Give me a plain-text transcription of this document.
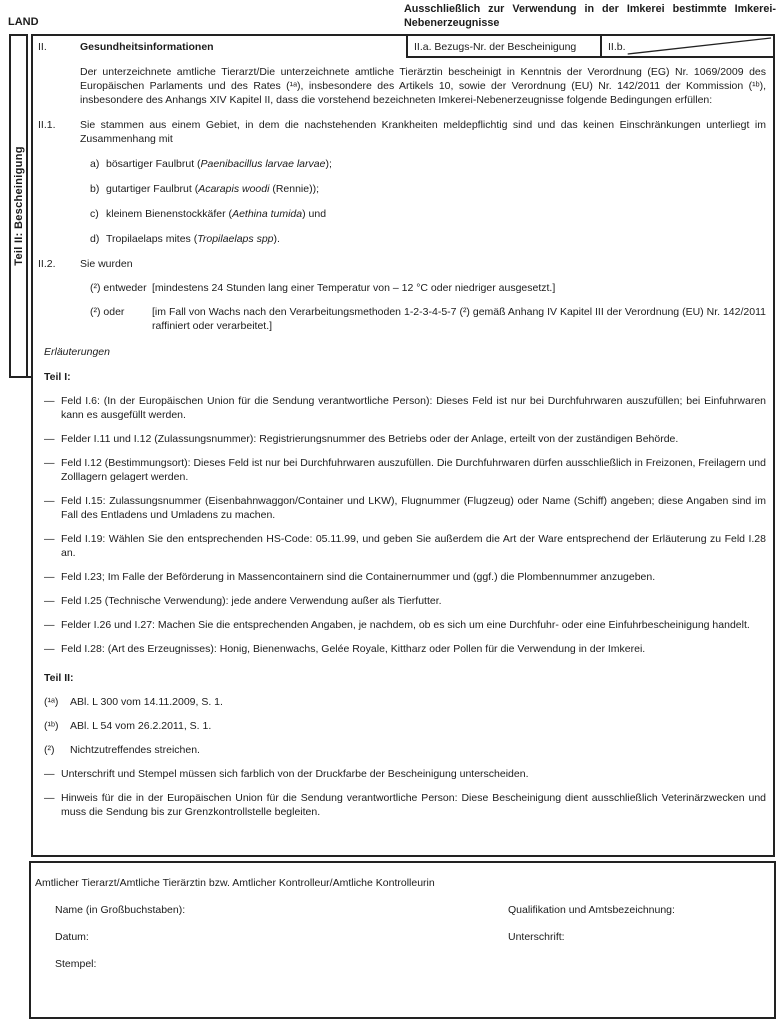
LAND
Ausschließlich zur Verwendung in der Imkerei bestimmte Imkerei-
Nebenerzeugnisse
Teil II: Bescheinigung
II.	Gesundheitsinformationen	II.a. Bezugs-Nr. der Bescheinigung	II.b.
Der unterzeichnete amtliche Tierarzt/Die unterzeichnete amtliche Tierärztin bescheinigt in Kenntnis der Verordnung (EG) Nr. 1069/2009 des Europäischen Parlaments und des Rates (¹ᵃ), insbesondere des Artikels 10, sowie der Verordnung (EU) Nr. 142/2011 der Kommission (¹ᵇ), insbesondere des Anhangs XIV Kapitel II, dass die vorstehend bezeichneten Imkerei-Nebenerzeugnisse folgende Bedingungen erfüllen:
II.1.	Sie stammen aus einem Gebiet, in dem die nachstehenden Krankheiten meldepflichtig sind und das keinen Einschränkungen unterliegt im Zusammenhang mit
a) bösartiger Faulbrut (Paenibacillus larvae larvae);
b) gutartiger Faulbrut (Acarapis woodi (Rennie));
c) kleinem Bienenstockkäfer (Aethina tumida) und
d) Tropilaelaps mites (Tropilaelaps spp).
II.2.	Sie wurden
(²) entweder [mindestens 24 Stunden lang einer Temperatur von – 12 °C oder niedriger ausgesetzt.]
(²) oder	[im Fall von Wachs nach den Verarbeitungsmethoden 1-2-3-4-5-7 (²) gemäß Anhang IV Kapitel III der Verordnung (EU) Nr. 142/2011 raffiniert oder verarbeitet.]
Erläuterungen
Teil I:
— Feld I.6: (In der Europäischen Union für die Sendung verantwortliche Person): Dieses Feld ist nur bei Durchfuhrwaren auszufüllen; bei Einfuhrwaren kann es ausgefüllt werden.
— Felder I.11 und I.12 (Zulassungsnummer): Registrierungsnummer des Betriebs oder der Anlage, erteilt von der zuständigen Behörde.
— Feld I.12 (Bestimmungsort): Dieses Feld ist nur bei Durchfuhrwaren auszufüllen. Die Durchfuhrwaren dürfen ausschließlich in Freizonen, Freilagern und Zolllagern gelagert werden.
— Feld I.15: Zulassungsnummer (Eisenbahnwaggon/Container und LKW), Flugnummer (Flugzeug) oder Name (Schiff) angeben; diese Angaben sind im Fall des Entladens und Umladens zu machen.
— Feld I.19: Wählen Sie den entsprechenden HS-Code: 05.11.99, und geben Sie außerdem die Art der Ware entsprechend der Erläuterung zu Feld I.28 an.
— Feld I.23; Im Falle der Beförderung in Massencontainern sind die Containernummer und (ggf.) die Plombennummer anzugeben.
— Feld I.25 (Technische Verwendung): jede andere Verwendung außer als Tierfutter.
— Felder I.26 und I.27: Machen Sie die entsprechenden Angaben, je nachdem, ob es sich um eine Durchfuhr- oder eine Einfuhrbescheinigung handelt.
— Feld I.28: (Art des Erzeugnisses): Honig, Bienenwachs, Gelée Royale, Kittharz oder Pollen für die Verwendung in der Imkerei.
Teil II:
(¹ᵃ)	ABl. L 300 vom 14.11.2009, S. 1.
(¹ᵇ)	ABl. L 54 vom 26.2.2011, S. 1.
(²)	Nichtzutreffendes streichen.
— Unterschrift und Stempel müssen sich farblich von der Druckfarbe der Bescheinigung unterscheiden.
— Hinweis für die in der Europäischen Union für die Sendung verantwortliche Person: Diese Bescheinigung dient ausschließlich Veterinärzwecken und muss die Sendung bis zur Grenzkontrollstelle begleiten.
Amtlicher Tierarzt/Amtliche Tierärztin bzw. Amtlicher Kontrolleur/Amtliche Kontrolleurin
Name (in Großbuchstaben):	Qualifikation und Amtsbezeichnung:
Datum:	Unterschrift:
Stempel:
